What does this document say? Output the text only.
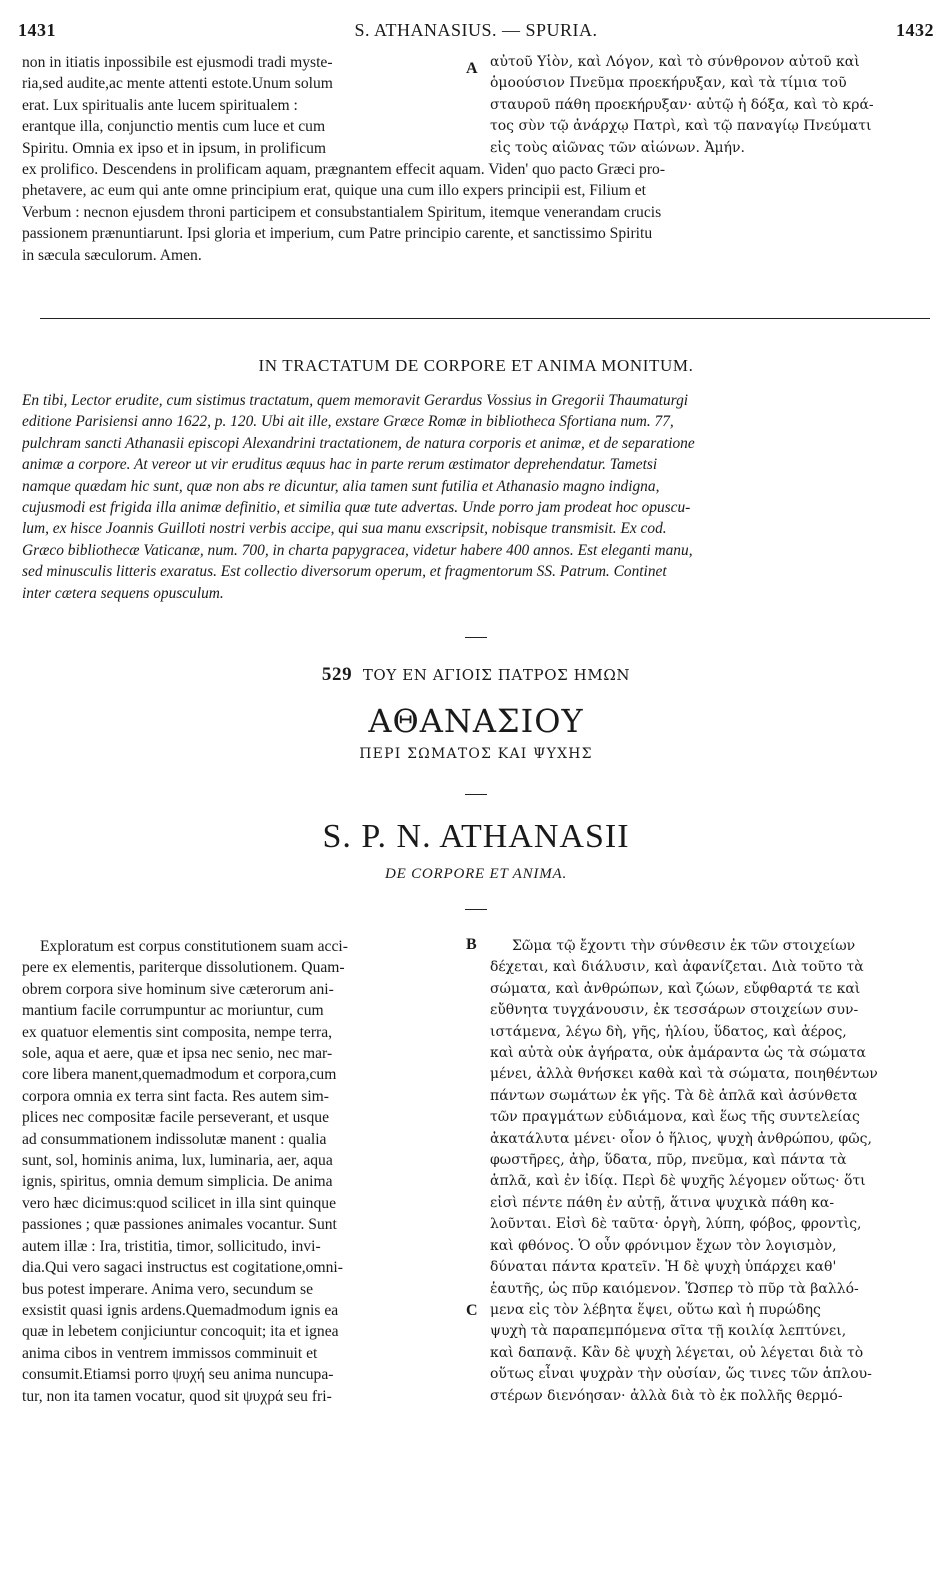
1431	S. ATHANASIUS. — SPURIA.	1432
non in itiatis inpossibile est ejusmodi tradi myste-
ria,sed audite,ac mente attenti estote.Unum solum
erat. Lux spiritualis ante lucem spiritualem :
erantque illa, conjunctio mentis cum luce et cum
Spiritu. Omnia ex ipso et in ipsum, in prolificum
A αὐτοῦ Υἱὸν, καὶ Λόγον, καὶ τὸ σύνθρονον αὐτοῦ καὶ
ὁμοούσιον Πνεῦμα προεκήρυξαν, καὶ τὰ τίμια τοῦ
σταυροῦ πάθη προεκήρυξαν· αὐτῷ ἡ δόξα, καὶ τὸ κρά-
τος σὺν τῷ ἀνάρχῳ Πατρὶ, καὶ τῷ παναγίῳ Πνεύματι
εἰς τοὺς αἰῶνας τῶν αἰώνων. Ἀμήν.
ex prolifico. Descendens in prolificam aquam, prægnantem effecit aquam. Viden' quo pacto Græci pro-
phetavere, ac eum qui ante omne principium erat, quique una cum illo expers principii est, Filium et
Verbum : necnon ejusdem throni participem et consubstantialem Spiritum, itemque venerandam crucis
passionem prænuntiarunt. Ipsi gloria et imperium, cum Patre principio carente, et sanctissimo Spiritu
in sæcula sæculorum. Amen.
IN TRACTATUM DE CORPORE ET ANIMA MONITUM.
En tibi, Lector erudite, cum sistimus tractatum, quem memoravit Gerardus Vossius in Gregorii Thaumaturgi
editione Parisiensi anno 1622, p. 120. Ubi ait ille, exstare Græce Romæ in bibliotheca Sfortiana num. 77,
pulchram sancti Athanasii episcopi Alexandrini tractationem, de natura corporis et animæ, et de separatione
animæ a corpore. At vereor ut vir eruditus æquus hac in parte rerum æstimator deprehendatur. Tametsi
namque quædam hic sunt, quæ non abs re dicuntur, alia tamen sunt futilia et Athanasio magno indigna,
cujusmodi est frigida illa animæ definitio, et similia quæ tute advertas. Unde porro jam prodeat hoc opuscu-
lum, ex hisce Joannis Guilloti nostri verbis accipe, qui sua manu exscripsit, nobisque transmisit. Ex cod.
Græco bibliothecæ Vaticanæ, num. 700, in charta papygracea, videtur habere 400 annos. Est eleganti manu,
sed minusculis litteris exaratus. Est collectio diversorum operum, et fragmentorum SS. Patrum. Continet
inter cætera sequens opusculum.
529 ΤΟΥ ΕΝ ΑΓΙΟΙΣ ΠΑΤΡΟΣ ΗΜΩΝ
ΑΘΑΝΑΣΙΟΥ
ΠΕΡΙ ΣΩΜΑΤΟΣ ΚΑΙ ΨΥΧΗΣ
S. P. N. ATHANASII
DE CORPORE ET ANIMA.
Exploratum est corpus constitutionem suam acci-
pere ex elementis, pariterque dissolutionem. Quam-
obrem corpora sive hominum sive cæterorum ani-
mantium facile corrumpuntur ac moriuntur, cum
ex quatuor elementis sint composita, nempe terra,
sole, aqua et aere, quæ et ipsa nec senio, nec mar-
core libera manent,quemadmodum et corpora,cum
corpora omnia ex terra sint facta. Res autem sim-
plices nec compositæ facile perseverant, et usque
ad consummationem indissolutæ manent : qualia
sunt, sol, hominis anima, lux, luminaria, aer, aqua
ignis, spiritus, omnia demum simplicia. De anima
vero hæc dicimus:quod scilicet in illa sint quinque
passiones ; quæ passiones animales vocantur. Sunt
autem illæ : Ira, tristitia, timor, sollicitudo, invi-
dia.Qui vero sagaci instructus est cogitatione,omni-
bus potest imperare. Anima vero, secundum se
exsistit quasi ignis ardens.Quemadmodum ignis ea
quæ in lebetem conjiciuntur concoquit; ita et ignea
anima cibos in ventrem immissos comminuit et
consumit.Etiamsi porro ψυχή seu anima nuncupa-
tur, non ita tamen vocatur, quod sit ψυχρά seu fri-
B
C
Σῶμα τῷ ἔχοντι τὴν σύνθεσιν ἐκ τῶν στοιχείων
δέχεται, καὶ διάλυσιν, καὶ ἀφανίζεται. Διὰ τοῦτο τὰ
σώματα, καὶ ἀνθρώπων, καὶ ζώων, εὔφθαρτά τε καὶ
εὔθνητα τυγχάνουσιν, ἐκ τεσσάρων στοιχείων συν-
ιστάμενα, λέγω δὴ, γῆς, ἡλίου, ὕδατος, καὶ ἀέρος,
καὶ αὐτὰ οὐκ ἀγήρατα, οὐκ ἀμάραντα ὡς τὰ σώματα
μένει, ἀλλὰ θνήσκει καθὰ καὶ τὰ σώματα, ποιηθέντων
πάντων σωμάτων ἐκ γῆς. Τὰ δὲ ἁπλᾶ καὶ ἀσύνθετα
τῶν πραγμάτων εὐδιάμονα, καὶ ἕως τῆς συντελείας
ἀκατάλυτα μένει· οἷον ὁ ἥλιος, ψυχὴ ἀνθρώπου, φῶς,
φωστῆρες, ἀὴρ, ὕδατα, πῦρ, πνεῦμα, καὶ πάντα τὰ
ἁπλᾶ, καὶ ἐν ἰδίᾳ. Περὶ δὲ ψυχῆς λέγομεν οὕτως· ὅτι
εἰσὶ πέντε πάθη ἐν αὐτῇ, ἅτινα ψυχικὰ πάθη κα-
λοῦνται. Εἰσὶ δὲ ταῦτα· ὀργὴ, λύπη, φόβος, φροντὶς,
καὶ φθόνος. Ὁ οὖν φρόνιμον ἔχων τὸν λογισμὸν,
δύναται πάντα κρατεῖν. Ἡ δὲ ψυχὴ ὑπάρχει καθ'
ἑαυτῆς, ὡς πῦρ καιόμενον. Ὥσπερ τὸ πῦρ τὰ βαλλό-
μενα εἰς τὸν λέβητα ἕψει, οὕτω καὶ ἡ πυρώδης
ψυχὴ τὰ παραπεμπόμενα σῖτα τῇ κοιλίᾳ λεπτύνει,
καὶ δαπανᾷ. Κἂν δὲ ψυχὴ λέγεται, οὐ λέγεται διὰ τὸ
οὕτως εἶναι ψυχρὰν τὴν οὐσίαν, ὥς τινες τῶν ἁπλου-
στέρων διενόησαν· ἀλλὰ διὰ τὸ ἐκ πολλῆς θερμό-
